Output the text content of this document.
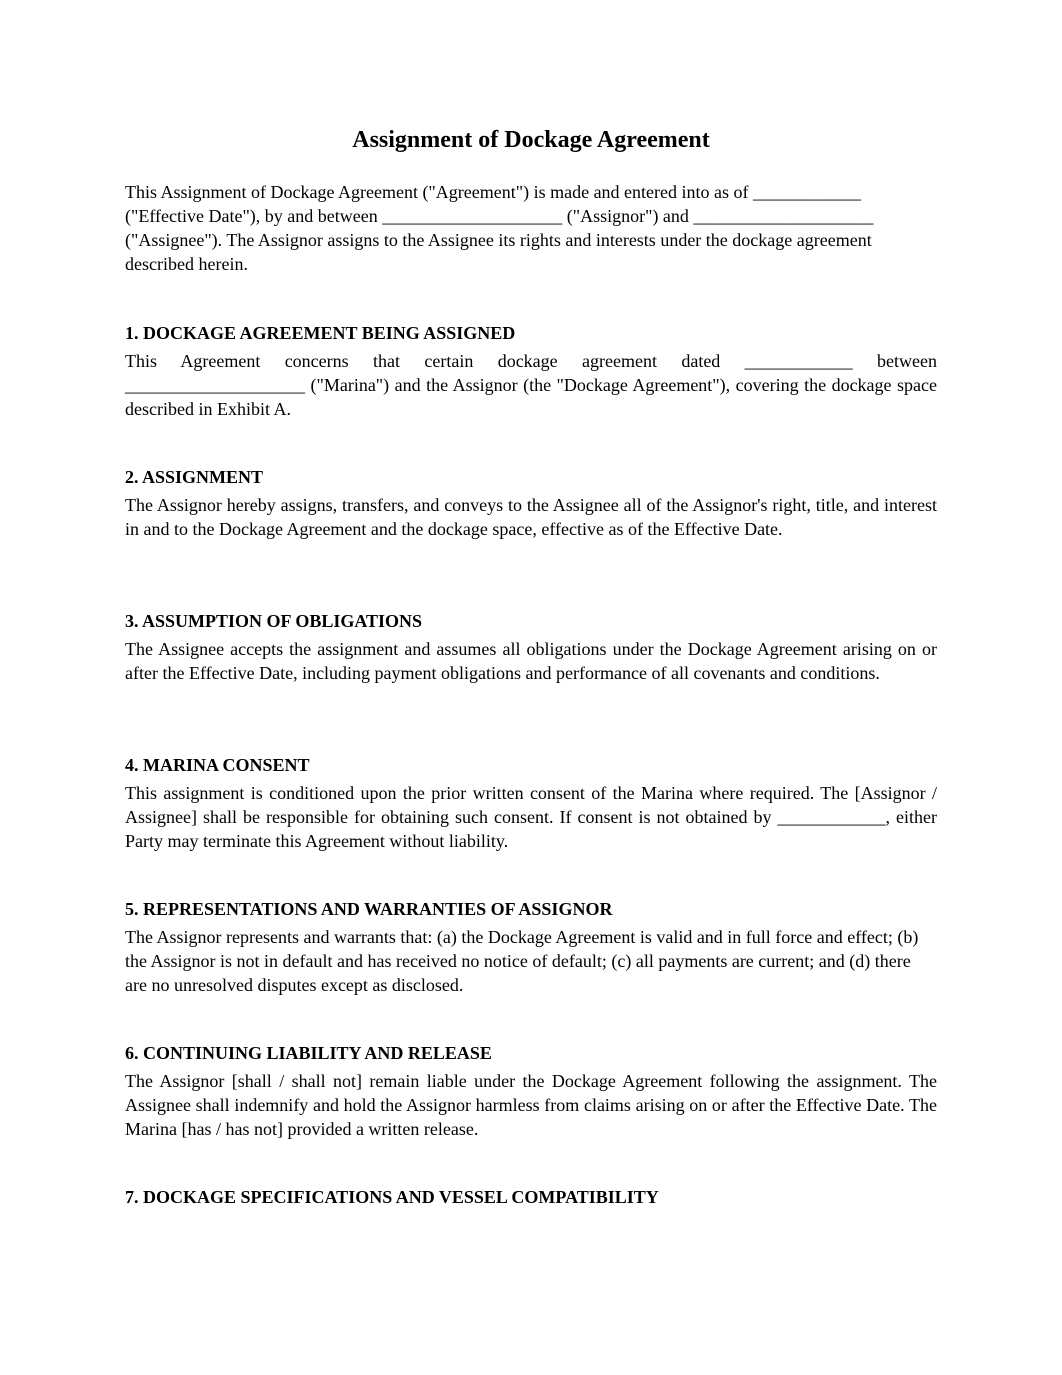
Assignment of Dockage Agreement

This Assignment of Dockage Agreement ("Agreement") is made and entered into as of ____________ ("Effective Date"), by and between ____________________ ("Assignor") and ____________________ ("Assignee"). The Assignor assigns to the Assignee its rights and interests under the dockage agreement described herein.

1. DOCKAGE AGREEMENT BEING ASSIGNED

This Agreement concerns that certain dockage agreement dated ____________ between ____________________ ("Marina") and the Assignor (the "Dockage Agreement"), covering the dockage space described in Exhibit A.

2. ASSIGNMENT

The Assignor hereby assigns, transfers, and conveys to the Assignee all of the Assignor's right, title, and interest in and to the Dockage Agreement and the dockage space, effective as of the Effective Date.

3. ASSUMPTION OF OBLIGATIONS

The Assignee accepts the assignment and assumes all obligations under the Dockage Agreement arising on or after the Effective Date, including payment obligations and performance of all covenants and conditions.

4. MARINA CONSENT

This assignment is conditioned upon the prior written consent of the Marina where required. The [Assignor / Assignee] shall be responsible for obtaining such consent. If consent is not obtained by ____________, either Party may terminate this Agreement without liability.

5. REPRESENTATIONS AND WARRANTIES OF ASSIGNOR

The Assignor represents and warrants that: (a) the Dockage Agreement is valid and in full force and effect; (b) the Assignor is not in default and has received no notice of default; (c) all payments are current; and (d) there are no unresolved disputes except as disclosed.

6. CONTINUING LIABILITY AND RELEASE

The Assignor [shall / shall not] remain liable under the Dockage Agreement following the assignment. The Assignee shall indemnify and hold the Assignor harmless from claims arising on or after the Effective Date. The Marina [has / has not] provided a written release.

7. DOCKAGE SPECIFICATIONS AND VESSEL COMPATIBILITY
